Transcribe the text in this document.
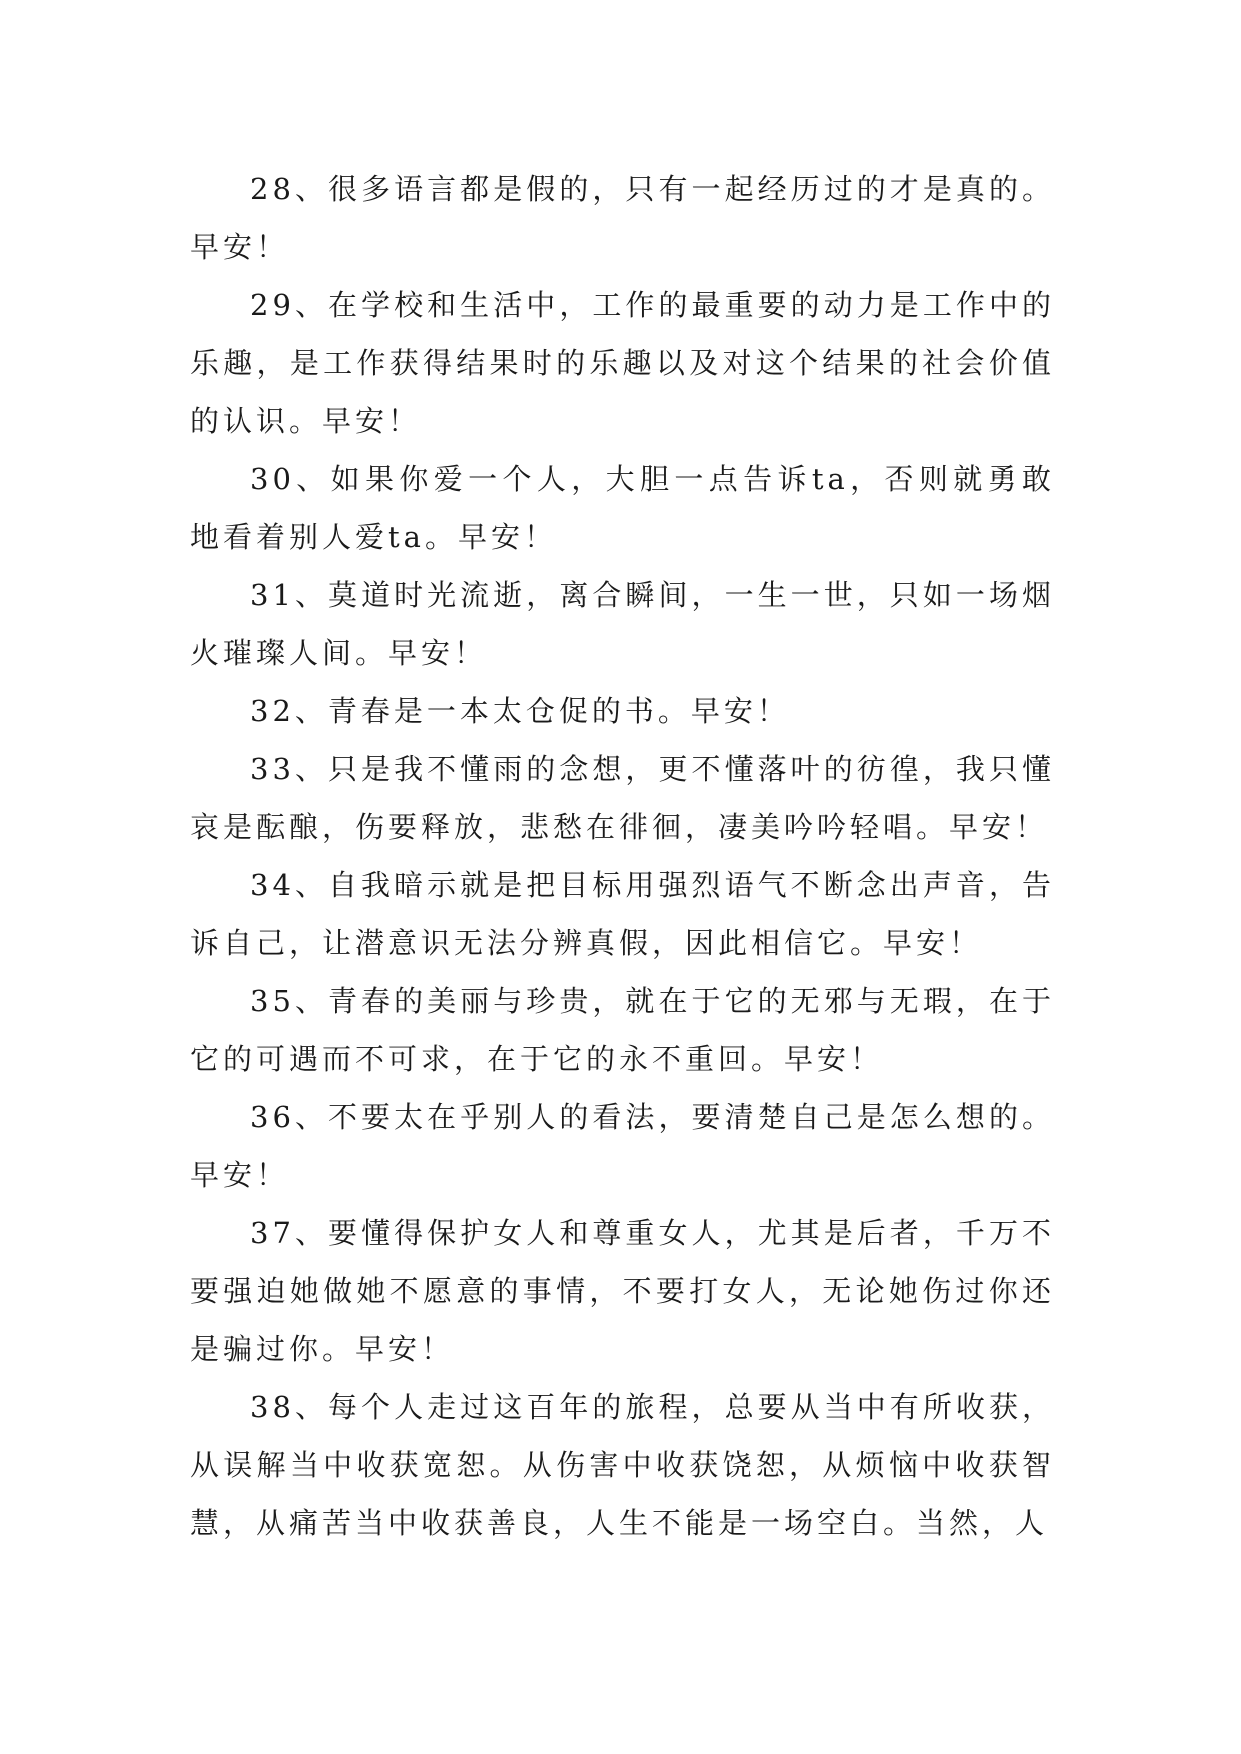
28、很多语言都是假的，只有一起经历过的才是真的。早安！

29、在学校和生活中，工作的最重要的动力是工作中的乐趣，是工作获得结果时的乐趣以及对这个结果的社会价值的认识。早安！

30、如果你爱一个人，大胆一点告诉ta，否则就勇敢地看着别人爱ta。早安！

31、莫道时光流逝，离合瞬间，一生一世，只如一场烟火璀璨人间。早安！

32、青春是一本太仓促的书。早安！

33、只是我不懂雨的念想，更不懂落叶的彷徨，我只懂哀是酝酿，伤要释放，悲愁在徘徊，凄美吟吟轻唱。早安！

34、自我暗示就是把目标用强烈语气不断念出声音，告诉自己，让潜意识无法分辨真假，因此相信它。早安！

35、青春的美丽与珍贵，就在于它的无邪与无瑕，在于它的可遇而不可求，在于它的永不重回。早安！

36、不要太在乎别人的看法，要清楚自己是怎么想的。早安！

37、要懂得保护女人和尊重女人，尤其是后者，千万不要强迫她做她不愿意的事情，不要打女人，无论她伤过你还是骗过你。早安！

38、每个人走过这百年的旅程，总要从当中有所收获，从误解当中收获宽恕。从伤害中收获饶恕，从烦恼中收获智慧，从痛苦当中收获善良，人生不能是一场空白。当然，人
